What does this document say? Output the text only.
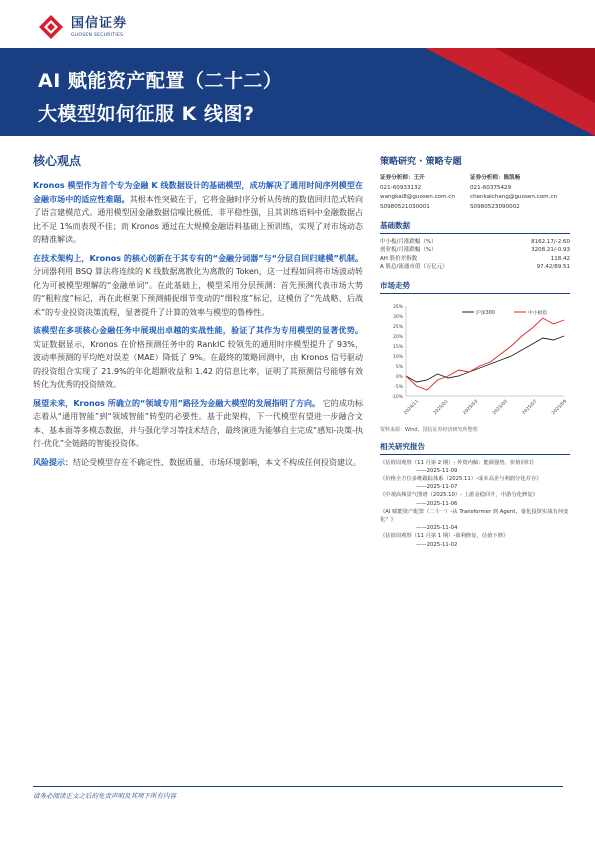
国信证券
GUOSEN SECURITIES
AI 赋能资产配置（二十二）
大模型如何征服 K 线图?
核心观点

Kronos 模型作为首个专为金融 K 线数据设计的基础模型，成功解决了通用时间序列模型在金融市场中的适应性难题。其根本性突破在于，它将金融时序分析从传统的数值回归范式转向了语言建模范式。通用模型因金融数据信噪比极低、非平稳性强，且其训练语料中金融数据占比不足 1%而表现不佳；而 Kronos 通过在大规模金融语料基础上预训练，实现了对市场动态的精准解读。

在技术架构上，Kronos 的核心创新在于其专有的“金融分词器”与“分层自回归建模”机制。 分词器利用 BSQ 算法将连续的 K 线数据离散化为离散的 Token，这一过程如同将市场波动转化为可被模型理解的“金融单词”。在此基础上，模型采用分层预测：首先预测代表市场大势的“粗粒度”标记，再在此框架下预测捕捉细节变动的“细粒度”标记，这模仿了“先战略、后战术”的专业投资决策流程，显著提升了计算的效率与模型的鲁棒性。

该模型在多项核心金融任务中展现出卓越的实战性能，验证了其作为专用模型的显著优势。 实证数据显示，Kronos 在价格预测任务中的 RankIC 较领先的通用时序模型提升了 93%，波动率预测的平均绝对误差（MAE）降低了 9%。在最终的策略回测中，由 Kronos 信号驱动的投资组合实现了 21.9%的年化超额收益和 1.42 的信息比率，证明了其预测信号能够有效转化为优秀的投资绩效。

展望未来，Kronos 所确立的“领域专用”路径为金融大模型的发展指明了方向。 它的成功标志着从“通用智能”到“领域智能”转型的必要性。基于此架构，下一代模型有望进一步融合文本、基本面等多模态数据，并与强化学习等技术结合，最终演进为能够自主完成“感知-决策-执行-优化”全链路的智能投资体。

风险提示：结论受模型存在不确定性、数据质量、市场环境影响，本文不构成任何投资建议。

策略研究 · 策略专题
证券分析师：王开
021-60933132
wangkai8@guosen.com.cn
S0980521030001
证券分析师：陈凯畅
021-60375429
chenkaichang@guosen.com.cn
S0980523090002
基础数据
中小板/月涨跌幅（%）	8162.17/-2.60
创业板/月涨跌幅（%）	3208.21/-0.93
AH 股价差指数	118.42
A 股总/流通市值（万亿元）	97.42/89.51
市场走势
35%
30%
25%
20%
15%
10%
5%
0%
-5%
-10%
2024/11	2025/01	2025/03	2025/05	2025/07	2025/09
沪深300	中小板指
资料来源：Wind、国信证券经济研究所整理
相关研究报告
《估值周观察（11 月第 2 期）- 外资内稿：能源强势，价值回归》
——2025-11-09
《价格全方位多维跟踪体系（2025.11）-成本高企与利润分化并存》
——2025-11-07
《中观高频景气图谱（2025.10）- 上游金稳回升，中游分化修复》
——2025-11-06
《AI 赋能资产配置（二十一）-从 Transformer 到 Agent，量化投资实战有何变化？》
——2025-11-04
《估值周观察（11 月第 1 期）-盈利修复，估值下修》
——2025-11-02
请务必阅读正文之后的免责声明及其项下所有内容
